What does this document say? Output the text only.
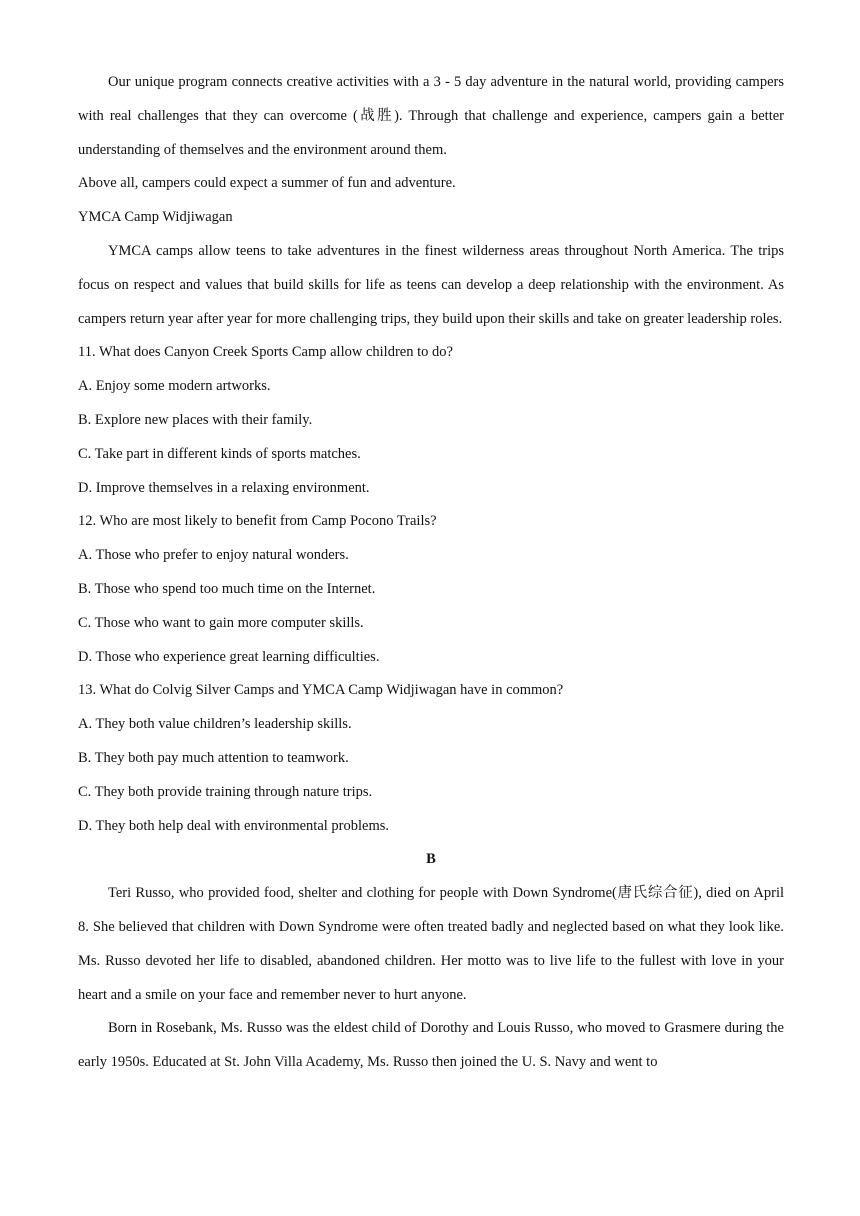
Our unique program connects creative activities with a 3 - 5 day adventure in the natural world, providing campers with real challenges that they can overcome (战胜). Through that challenge and experience, campers gain a better understanding of themselves and the environment around them.

Above all, campers could expect a summer of fun and adventure.

YMCA Camp Widjiwagan

YMCA camps allow teens to take adventures in the finest wilderness areas throughout North America. The trips focus on respect and values that build skills for life as teens can develop a deep relationship with the environment. As campers return year after year for more challenging trips, they build upon their skills and take on greater leadership roles.

11. What does Canyon Creek Sports Camp allow children to do?

A. Enjoy some modern artworks.

B. Explore new places with their family.

C. Take part in different kinds of sports matches.

D. Improve themselves in a relaxing environment.

12. Who are most likely to benefit from Camp Pocono Trails?

A. Those who prefer to enjoy natural wonders.

B. Those who spend too much time on the Internet.

C. Those who want to gain more computer skills.

D. Those who experience great learning difficulties.

13. What do Colvig Silver Camps and YMCA Camp Widjiwagan have in common?

A. They both value children’s leadership skills.

B. They both pay much attention to teamwork.

C. They both provide training through nature trips.

D. They both help deal with environmental problems.

B

Teri Russo, who provided food, shelter and clothing for people with Down Syndrome(唐氏综合征), died on April 8. She believed that children with Down Syndrome were often treated badly and neglected based on what they look like. Ms. Russo devoted her life to disabled, abandoned children. Her motto was to live life to the fullest with love in your heart and a smile on your face and remember never to hurt anyone.

Born in Rosebank, Ms. Russo was the eldest child of Dorothy and Louis Russo, who moved to Grasmere during the early 1950s. Educated at St. John Villa Academy, Ms. Russo then joined the U. S. Navy and went to
